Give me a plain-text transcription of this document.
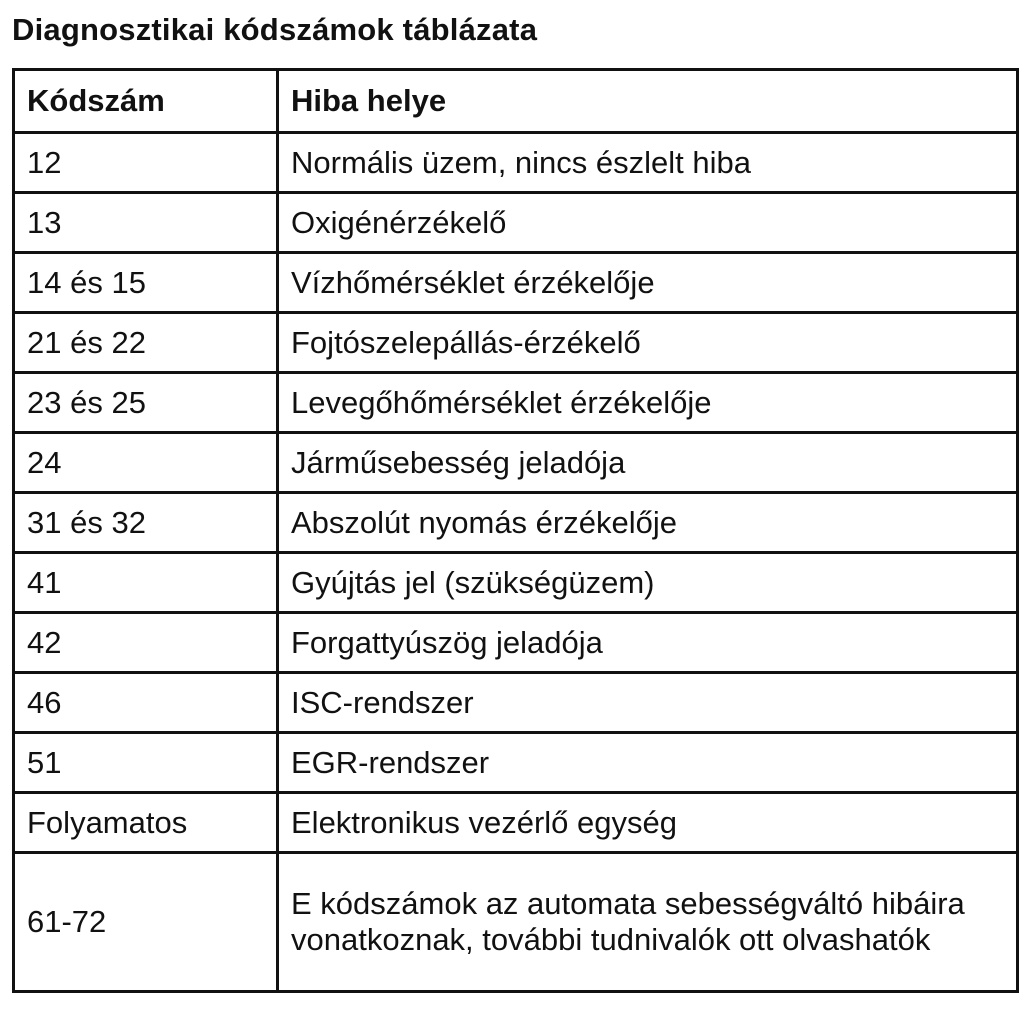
Diagnosztikai kódszámok táblázata
Kódszám	Hiba helye
12	Normális üzem, nincs észlelt hiba
13	Oxigénérzékelő
14 és 15	Vízhőmérséklet érzékelője
21 és 22	Fojtószelepállás-érzékelő
23 és 25	Levegőhőmérséklet érzékelője
24	Járműsebesség jeladója
31 és 32	Abszolút nyomás érzékelője
41	Gyújtás jel (szükségüzem)
42	Forgattyúszög jeladója
46	ISC-rendszer
51	EGR-rendszer
Folyamatos	Elektronikus vezérlő egység
61-72	E kódszámok az automata sebességváltó hibáira vonatkoznak, további tudnivalók ott olvashatók
